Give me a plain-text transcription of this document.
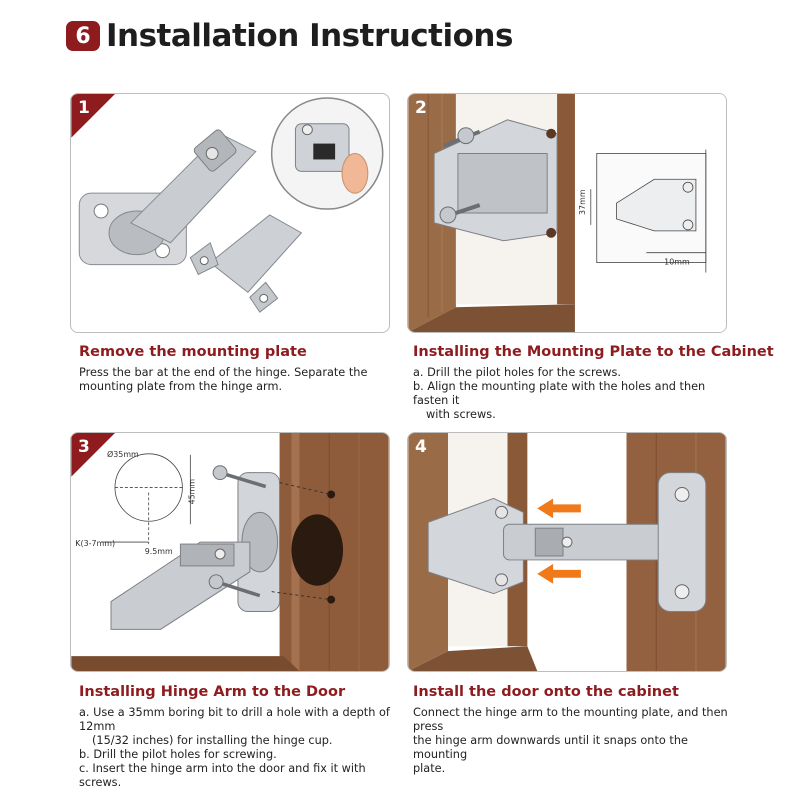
6 Installation Instructions
1	2
37mm
10mm
3 Ø35mm
45mm
K(3-7mm)
9.5mm
4
Remove the mounting plate

Press the bar at the end of the hinge. Separate the

mounting plate from the hinge arm.

Installing the Mounting Plate to the Cabinet

a. Drill the pilot holes for the screws.

b. Align the mounting plate with the holes and then fasten it

with screws.

Installing Hinge Arm to the Door

a. Use a 35mm boring bit to drill a hole with a depth of 12mm

(15/32 inches) for installing the hinge cup.

b. Drill the pilot holes for screwing.

c. Insert the hinge arm into the door and fix it with screws.

Install the door onto the cabinet

Connect the hinge arm to the mounting plate, and then press

the hinge arm downwards until it snaps onto the mounting

plate.
